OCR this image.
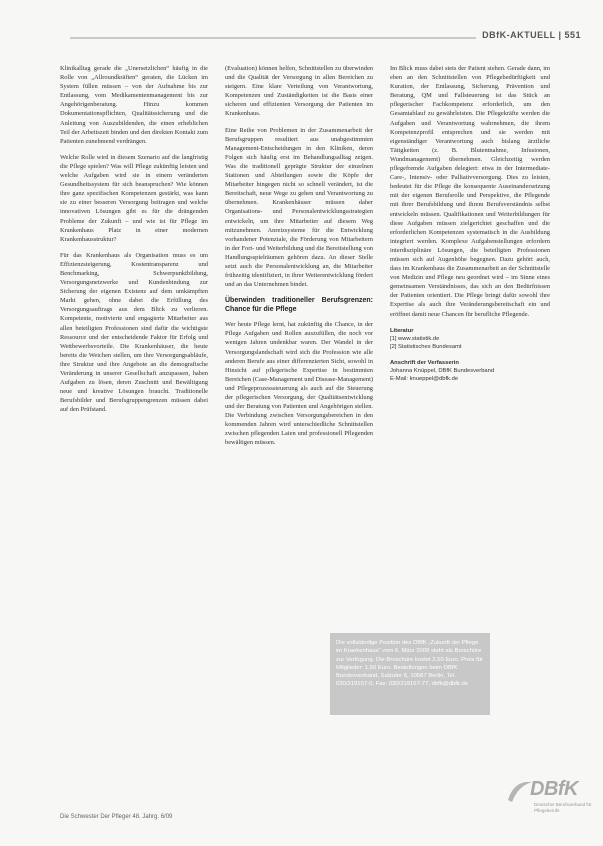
DBfK-AKTUELL | 551

Klinikalltag gerade die „Unersetzlichen“ häufig in die Rolle von „Allroundkräften“ geraten, die Lücken im System füllen müssen – von der Aufnahme bis zur Entlassung, vom Medikamentenmanagement bis zur Angehörigenberatung. Hinzu kommen Dokumentationspflichten, Qualitätssicherung und die Anleitung von Auszubildenden, die einen erheblichen Teil der Arbeitszeit binden und den direkten Kontakt zum Patienten zunehmend verdrängen.

Welche Rolle wird in diesem Szenario auf die langfristig die Pflege spielen? Was will Pflege zukünftig leisten und welche Aufgaben wird sie in einem veränderten Gesundheitssystem für sich beanspruchen? Wie können ihre ganz spezifischen Kompetenzen gestärkt, was kann sie zu einer besseren Versorgung beitragen und welche innovativen Lösungen gibt es für die drängenden Probleme der Zukunft – und wie ist für Pflege im Krankenhaus Platz in einer modernen Krankenhausstruktur?

Für das Krankenhaus als Organisation muss es um Effizienzsteigerung, Kostentransparenz und Benchmarking, Schwerpunktbildung, Versorgungsnetzwerke und Kundenbindung zur Sicherung der eigenen Existenz auf dem umkämpften Markt gehen, ohne dabei die Erfüllung des Versorgungsauftrags aus dem Blick zu verlieren. Kompetente, motivierte und engagierte Mitarbeiter aus allen beteiligten Professionen sind dafür die wichtigste Ressource und der entscheidende Faktor für Erfolg und Wettbewerbsvorteile. Die Krankenhäuser, die heute bereits die Weichen stellen, um ihre Versorgungsabläufe, ihre Struktur und ihre Angebote an die demografische Veränderung in unserer Gesellschaft anzupassen, haben Aufgaben zu lösen, deren Zuschnitt und Bewältigung neue und kreative Lösungen braucht. Traditionelle Berufsbilder und Berufsgruppengrenzen müssen dabei auf den Prüfstand.

(Evaluation) können helfen, Schnittstellen zu überwinden und die Qualität der Versorgung in allen Bereichen zu steigern. Eine klare Verteilung von Verantwortung, Kompetenzen und Zuständigkeiten ist die Basis einer sicheren und effizienten Versorgung der Patienten im Krankenhaus.

Eine Reihe von Problemen in der Zusammenarbeit der Berufsgruppen resultiert aus unabgestimmten Management-Entscheidungen in den Kliniken, deren Folgen sich häufig erst im Behandlungsalltag zeigen. Was die traditionell geprägte Struktur der einzelnen Stationen und Abteilungen sowie die Köpfe der Mitarbeiter hingegen nicht so schnell verändert, ist die Bereitschaft, neue Wege zu gehen und Verantwortung zu übernehmen. Krankenhäuser müssen daher Organisations- und Personalentwicklungsstrategien entwickeln, um ihre Mitarbeiter auf diesem Weg mitzunehmen. Anreizsysteme für die Entwicklung vorhandener Potenziale, die Förderung von Mitarbeitern in der Fort- und Weiterbildung und die Bereitstellung von Handlungsspielräumen gehören dazu. An dieser Stelle setzt auch die Personalentwicklung an, die Mitarbeiter frühzeitig identifiziert, in ihrer Weiterentwicklung fördert und an das Unternehmen bindet.

Überwinden traditioneller Berufsgrenzen: Chance für die Pflege

Wer heute Pflege lernt, hat zukünftig die Chance, in der Pflege Aufgaben und Rollen auszufüllen, die noch vor wenigen Jahren undenkbar waren. Der Wandel in der Versorgungslandschaft wird sich die Profession wie alle anderen Berufe aus einer differenzierten Sicht, sowohl in Hinsicht auf pflegerische Expertise in bestimmten Bereichen (Case-Management und Disease-Management) und Pflegeprozesssteuerung als auch auf die Steuerung der pflegerischen Versorgung, der Qualitätsentwicklung und der Beratung von Patienten und Angehörigen stellen. Die Verbindung zwischen Versorgungsbereichen in den kommenden Jahren wird unterschiedliche Schnittstellen zwischen pflegenden Laien und professionell Pflegenden bewältigen müssen.

Im Blick muss dabei stets der Patient stehen. Gerade dann, im eben an den Schnittstellen von Pflegebedürftigkeit und Kuration, der Entlassung, Sicherung, Prävention und Beratung, QM und Fallsteuerung ist das Stück an pflegerischer Fachkompetenz erforderlich, um den Gesamtablauf zu gewährleisten. Die Pflegekräfte werden die Aufgaben und Verantwortung wahrnehmen, die ihrem Kompetenzprofil entsprechen und sie werden mit eigenständiger Verantwortung auch bislang ärztliche Tätigkeiten (z. B. Blutentnahme, Infusionen, Wundmanagement) übernehmen. Gleichzeitig werden pflegefremde Aufgaben delegiert: etwa in der Intermediate-Care-, Intensiv- oder Palliativversorgung. Dies zu leisten, bedeutet für die Pflege die konsequente Auseinandersetzung mit der eigenen Berufsrolle und Perspektive, die Pflegende mit ihrer Berufsbildung und ihrem Berufsverständnis selbst entwickeln müssen. Qualifikationen und Weiterbildungen für diese Aufgaben müssen zielgerichtet geschaffen und die erforderlichen Kompetenzen systematisch in die Ausbildung integriert werden. Komplexe Aufgabenstellungen erfordern interdisziplinäre Lösungen, die beteiligten Professionen müssen sich auf Augenhöhe begegnen. Dazu gehört auch, dass im Krankenhaus die Zusammenarbeit an der Schnittstelle von Medizin und Pflege neu geordnet wird – im Sinne eines gemeinsamen Verständnisses, das sich an den Bedürfnissen der Patienten orientiert. Die Pflege bringt dafür sowohl ihre Expertise als auch ihre Veränderungsbereitschaft ein und eröffnet damit neue Chancen für berufliche Pflegende.

Literatur
[1] www.statistik.de
[2] Statistisches Bundesamt
Anschrift der Verfasserin
Johanna Knüppel, DBfK Bundesverband
E-Mail: knueppel@dbfk.de
Die vollständige Position des DBfK „Zukunft der Pflege im Krankenhaus“ vom 6. März 2009 steht als Broschüre zur Verfügung. Die Broschüre kostet 2,50 Euro. Preis für Mitglieder: 1,50 Euro. Bestellungen beim DBfK Bundesverband, Salzufer 6, 10587 Berlin, Tel. 030/219157-0, Fax: 030/219157-77, dbfk@dbfk.de
Die Schwester Der Pfleger 48. Jahrg. 6/09
DBfK
Deutscher Berufsverband für Pflegeberufe
